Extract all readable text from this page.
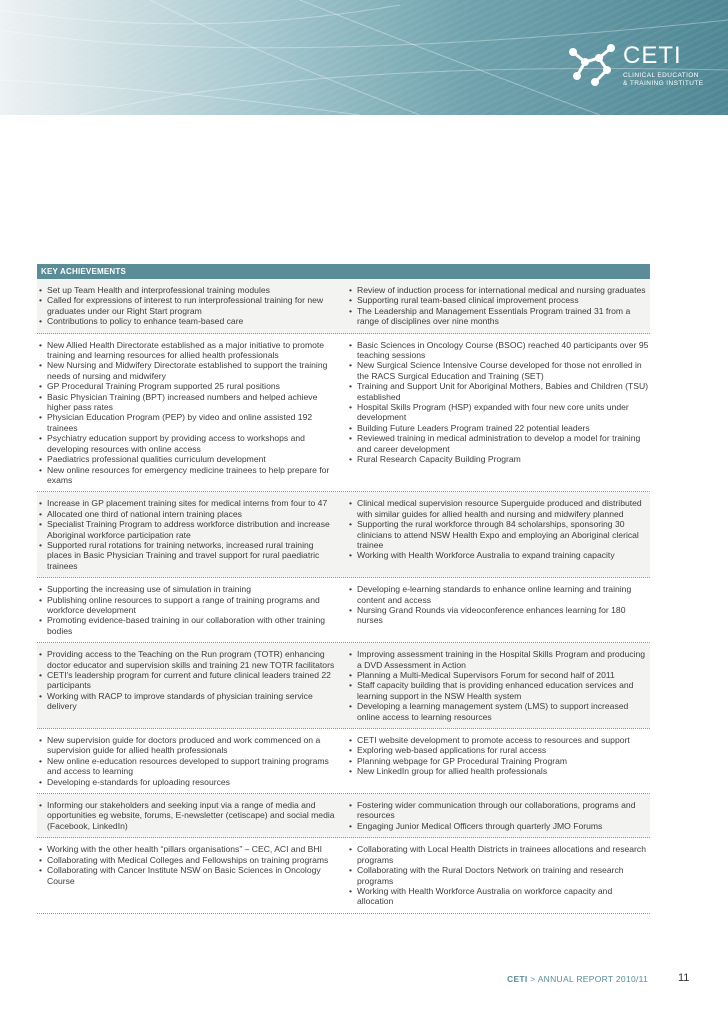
CETI
CLINICAL EDUCATION
& TRAINING INSTITUTE
KEY ACHIEVEMENTS

• Set up Team Health and interprofessional training modules

• Called for expressions of interest to run interprofessional training for new graduates under our Right Start program

• Contributions to policy to enhance team-based care

• Review of induction process for international medical and nursing graduates

• Supporting rural team-based clinical improvement process

• The Leadership and Management Essentials Program trained 31 from a range of disciplines over nine months

• New Allied Health Directorate established as a major initiative to promote training and learning resources for allied health professionals

• New Nursing and Midwifery Directorate established to support the training needs of nursing and midwifery

• GP Procedural Training Program supported 25 rural positions

• Basic Physician Training (BPT) increased numbers and helped achieve higher pass rates

• Physician Education Program (PEP) by video and online assisted 192 trainees

• Psychiatry education support by providing access to workshops and developing resources with online access

• Paediatrics professional qualities curriculum development

• New online resources for emergency medicine trainees to help prepare for exams

• Basic Sciences in Oncology Course (BSOC) reached 40 participants over 95 teaching sessions

• New Surgical Science Intensive Course developed for those not enrolled in the RACS Surgical Education and Training (SET)

• Training and Support Unit for Aboriginal Mothers, Babies and Children (TSU) established

• Hospital Skills Program (HSP) expanded with four new core units under development

• Building Future Leaders Program trained 22 potential leaders

• Reviewed training in medical administration to develop a model for training and career development

• Rural Research Capacity Building Program

• Increase in GP placement training sites for medical interns from four to 47

• Allocated one third of national intern training places

• Specialist Training Program to address workforce distribution and increase Aboriginal workforce participation rate

• Supported rural rotations for training networks, increased rural training places in Basic Physician Training and travel support for rural paediatric trainees

• Clinical medical supervision resource Superguide produced and distributed with similar guides for allied health and nursing and midwifery planned

• Supporting the rural workforce through 84 scholarships, sponsoring 30 clinicians to attend NSW Health Expo and employing an Aboriginal clerical trainee

• Working with Health Workforce Australia to expand training capacity

• Supporting the increasing use of simulation in training

• Publishing online resources to support a range of training programs and workforce development

• Promoting evidence-based training in our collaboration with other training bodies

• Developing e-learning standards to enhance online learning and training content and access

• Nursing Grand Rounds via videoconference enhances learning for 180 nurses

• Providing access to the Teaching on the Run program (TOTR) enhancing doctor educator and supervision skills and training 21 new TOTR facilitators

• CETI's leadership program for current and future clinical leaders trained 22 participants

• Working with RACP to improve standards of physician training service delivery

• Improving assessment training in the Hospital Skills Program and producing a DVD Assessment in Action

• Planning a Multi-Medical Supervisors Forum for second half of 2011

• Staff capacity building that is providing enhanced education services and learning support in the NSW Health system

• Developing a learning management system (LMS) to support increased online access to learning resources

• New supervision guide for doctors produced and work commenced on a supervision guide for allied health professionals

• New online e-education resources developed to support training programs and access to learning

• Developing e-standards for uploading resources

• CETI website development to promote access to resources and support

• Exploring web-based applications for rural access

• Planning webpage for GP Procedural Training Program

• New LinkedIn group for allied health professionals

• Informing our stakeholders and seeking input via a range of media and opportunities eg website, forums, E-newsletter (cetiscape) and social media (Facebook, LinkedIn)

• Fostering wider communication through our collaborations, programs and resources

• Engaging Junior Medical Officers through quarterly JMO Forums

• Working with the other health “pillars organisations” – CEC, ACI and BHI

• Collaborating with Medical Colleges and Fellowships on training programs

• Collaborating with Cancer Institute NSW on Basic Sciences in Oncology Course

• Collaborating with Local Health Districts in trainees allocations and research programs

• Collaborating with the Rural Doctors Network on training and research programs

• Working with Health Workforce Australia on workforce capacity and allocation

CETI > ANNUAL REPORT 2010/11	11
